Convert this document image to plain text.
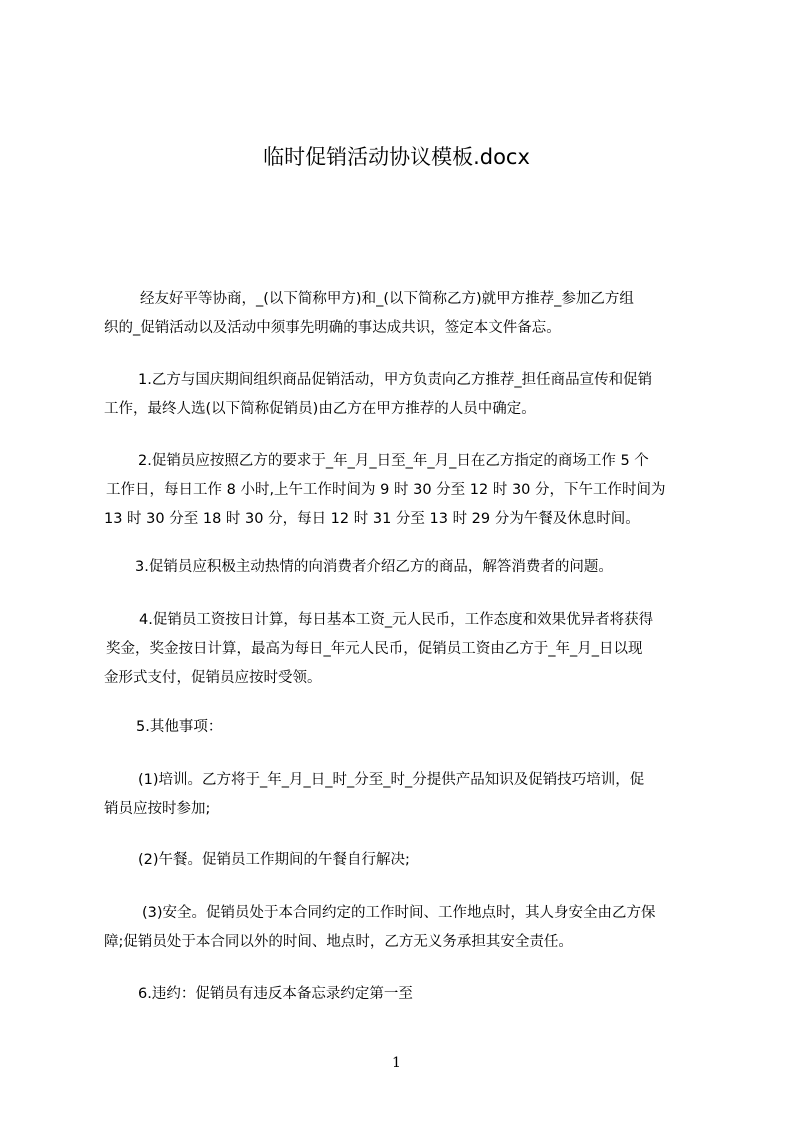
临时促销活动协议模板.docx

经友好平等协商，_(以下简称甲方)和_(以下简称乙方)就甲方推荐_参加乙方组
织的_促销活动以及活动中须事先明确的事达成共识，签定本文件备忘。

1.乙方与国庆期间组织商品促销活动，甲方负责向乙方推荐_担任商品宣传和促销
工作，最终人选(以下简称促销员)由乙方在甲方推荐的人员中确定。

2.促销员应按照乙方的要求于_年_月_日至_年_月_日在乙方指定的商场工作 5 个
工作日，每日工作 8 小时,上午工作时间为 9 时 30 分至 12 时 30 分，下午工作时间为
13 时 30 分至 18 时 30 分，每日 12 时 31 分至 13 时 29 分为午餐及休息时间。

3.促销员应积极主动热情的向消费者介绍乙方的商品，解答消费者的问题。

4.促销员工资按日计算，每日基本工资_元人民币，工作态度和效果优异者将获得
奖金，奖金按日计算，最高为每日_年元人民币，促销员工资由乙方于_年_月_日以现
金形式支付，促销员应按时受领。

5.其他事项：

(1)培训。乙方将于_年_月_日_时_分至_时_分提供产品知识及促销技巧培训，促
销员应按时参加;

(2)午餐。促销员工作期间的午餐自行解决;

(3)安全。促销员处于本合同约定的工作时间、工作地点时，其人身安全由乙方保
障;促销员处于本合同以外的时间、地点时，乙方无义务承担其安全责任。

6.违约：促销员有违反本备忘录约定第一至

1
